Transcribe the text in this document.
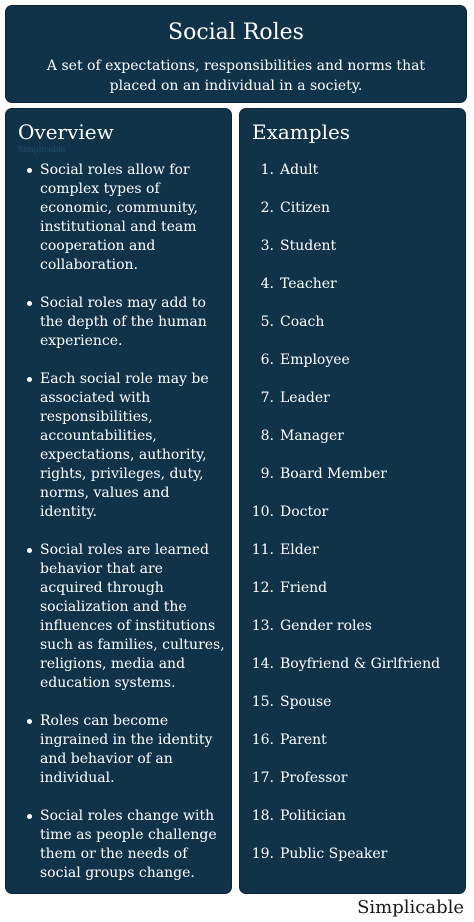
Social Roles
A set of expectations, responsibilities and norms that placed on an individual in a society.
Overview
Simplicable
Social roles allow for complex types of economic, community, institutional and team cooperation and collaboration.
Social roles may add to the depth of the human experience.
Each social role may be associated with responsibilities, accountabilities, expectations, authority, rights, privileges, duty, norms, values and identity.
Social roles are learned behavior that are acquired through socialization and the influences of institutions such as families, cultures, religions, media and education systems.
Roles can become ingrained in the identity and behavior of an individual.
Social roles change with time as people challenge them or the needs of social groups change.
Examples
1. Adult
2. Citizen
3. Student
4. Teacher
5. Coach
6. Employee
7. Leader
8. Manager
9. Board Member
10. Doctor
11. Elder
12. Friend
13. Gender roles
14. Boyfriend & Girlfriend
15. Spouse
16. Parent
17. Professor
18. Politician
19. Public Speaker
Simplicable
